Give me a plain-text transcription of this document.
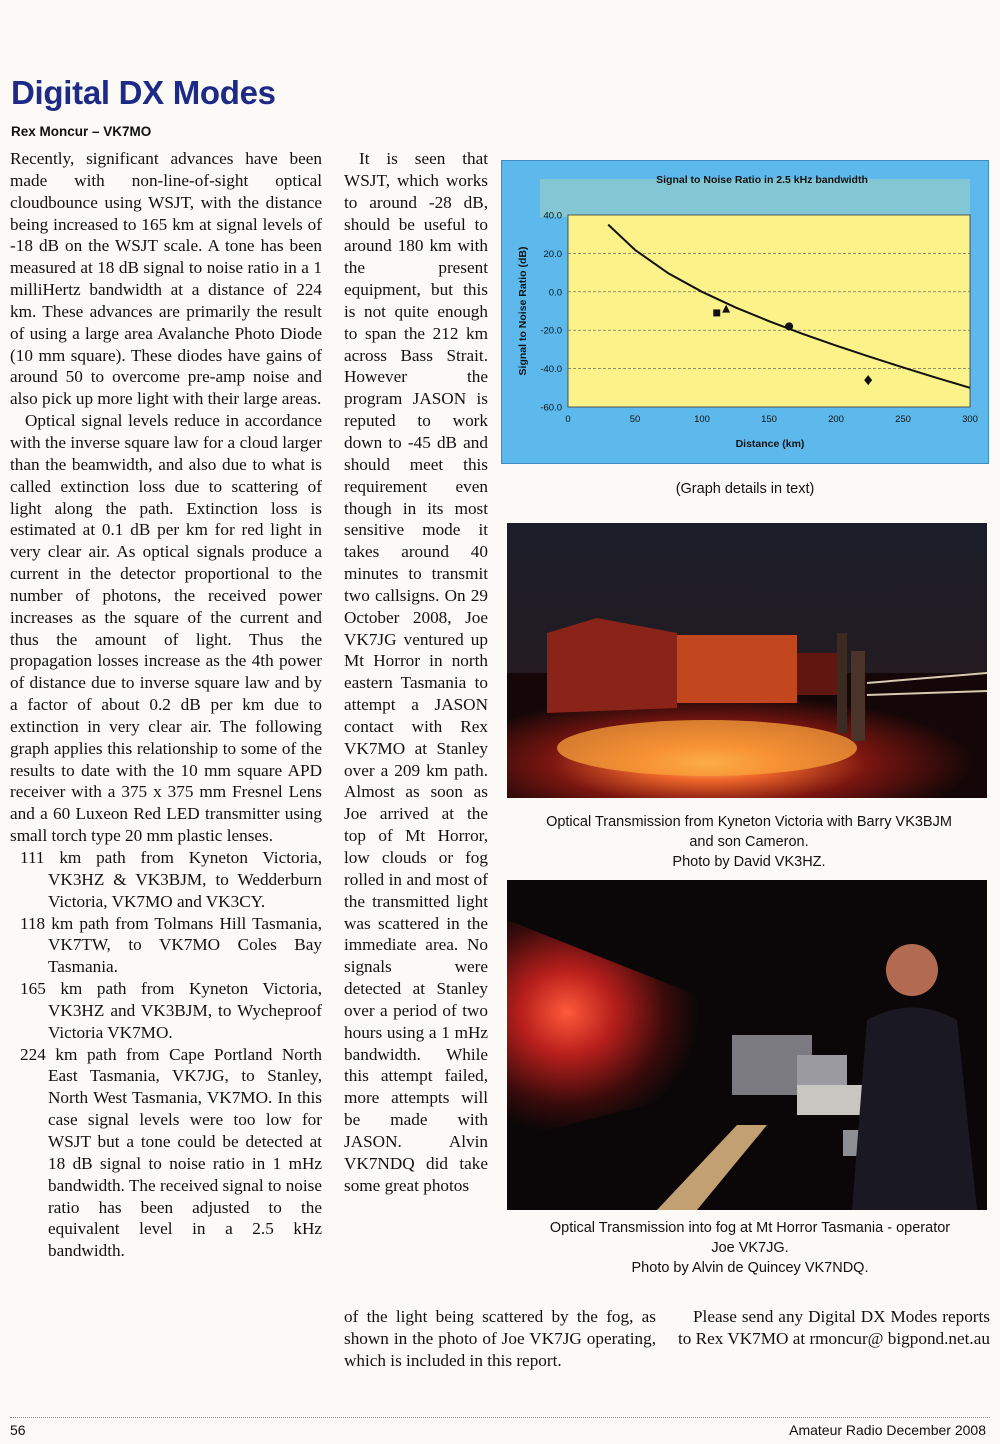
Digital DX Modes

Rex Moncur – VK7MO

Recently, significant advances have been made with non-line-of-sight optical cloudbounce using WSJT, with the distance being increased to 165 km at signal levels of -18 dB on the WSJT scale. A tone has been measured at 18 dB signal to noise ratio in a 1 milliHertz bandwidth at a distance of 224 km. These advances are primarily the result of using a large area Avalanche Photo Diode (10 mm square). These diodes have gains of around 50 to overcome pre-amp noise and also pick up more light with their large areas.

Optical signal levels reduce in accordance with the inverse square law for a cloud larger than the beamwidth, and also due to what is called extinction loss due to scattering of light along the path. Extinction loss is estimated at 0.1 dB per km for red light in very clear air. As optical signals produce a current in the detector proportional to the number of photons, the received power increases as the square of the current and thus the amount of light. Thus the propagation losses increase as the 4th power of distance due to inverse square law and by a factor of about 0.2 dB per km due to extinction in very clear air. The following graph applies this relationship to some of the results to date with the 10 mm square APD receiver with a 375 x 375 mm Fresnel Lens and a 60 Luxeon Red LED transmitter using small torch type 20 mm plastic lenses.

111 km path from Kyneton Victoria, VK3HZ & VK3BJM, to Wedderburn Victoria, VK7MO and VK3CY.

118 km path from Tolmans Hill Tasmania, VK7TW, to VK7MO Coles Bay Tasmania.

165 km path from Kyneton Victoria, VK3HZ and VK3BJM, to Wycheproof Victoria VK7MO.

224 km path from Cape Portland North East Tasmania, VK7JG, to Stanley, North West Tasmania, VK7MO. In this case signal levels were too low for WSJT but a tone could be detected at 18 dB signal to noise ratio in 1 mHz bandwidth. The received signal to noise ratio has been adjusted to the equivalent level in a 2.5 kHz bandwidth.

It is seen that WSJT, which works to around -28 dB, should be useful to around 180 km with the present equipment, but this is not quite enough to span the 212 km across Bass Strait. However the program JASON is reputed to work down to -45 dB and should meet this requirement even though in its most sensitive mode it takes around 40 minutes to transmit two callsigns. On 29 October 2008, Joe VK7JG ventured up Mt Horror in north eastern Tasmania to attempt a JASON contact with Rex VK7MO at Stanley over a 209 km path. Almost as soon as Joe arrived at the top of Mt Horror, low clouds or fog rolled in and most of the transmitted light was scattered in the immediate area. No signals were detected at Stanley over a period of two hours using a 1 mHz bandwidth. While this attempt failed, more attempts will be made with JASON. Alvin VK7NDQ did take some great photos

of the light being scattered by the fog, as shown in the photo of Joe VK7JG operating, which is included in this report.

Please send any Digital DX Modes reports to Rex VK7MO at rmoncur@ bigpond.net.au

Signal to Noise Ratio in 2.5 kHz bandwidth
40.0
20.0
0.0
-20.0
-40.0
-60.0
0	50	100	150	200	250	300
Distance (km)
Signal to Noise Ratio (dB)

(Graph details in text)

Optical Transmission from Kyneton Victoria with Barry VK3BJM
and son Cameron.
Photo by David VK3HZ.
Optical Transmission into fog at Mt Horror Tasmania - operator
Joe VK7JG.
Photo by Alvin de Quincey VK7NDQ.
56	Amateur Radio December 2008
